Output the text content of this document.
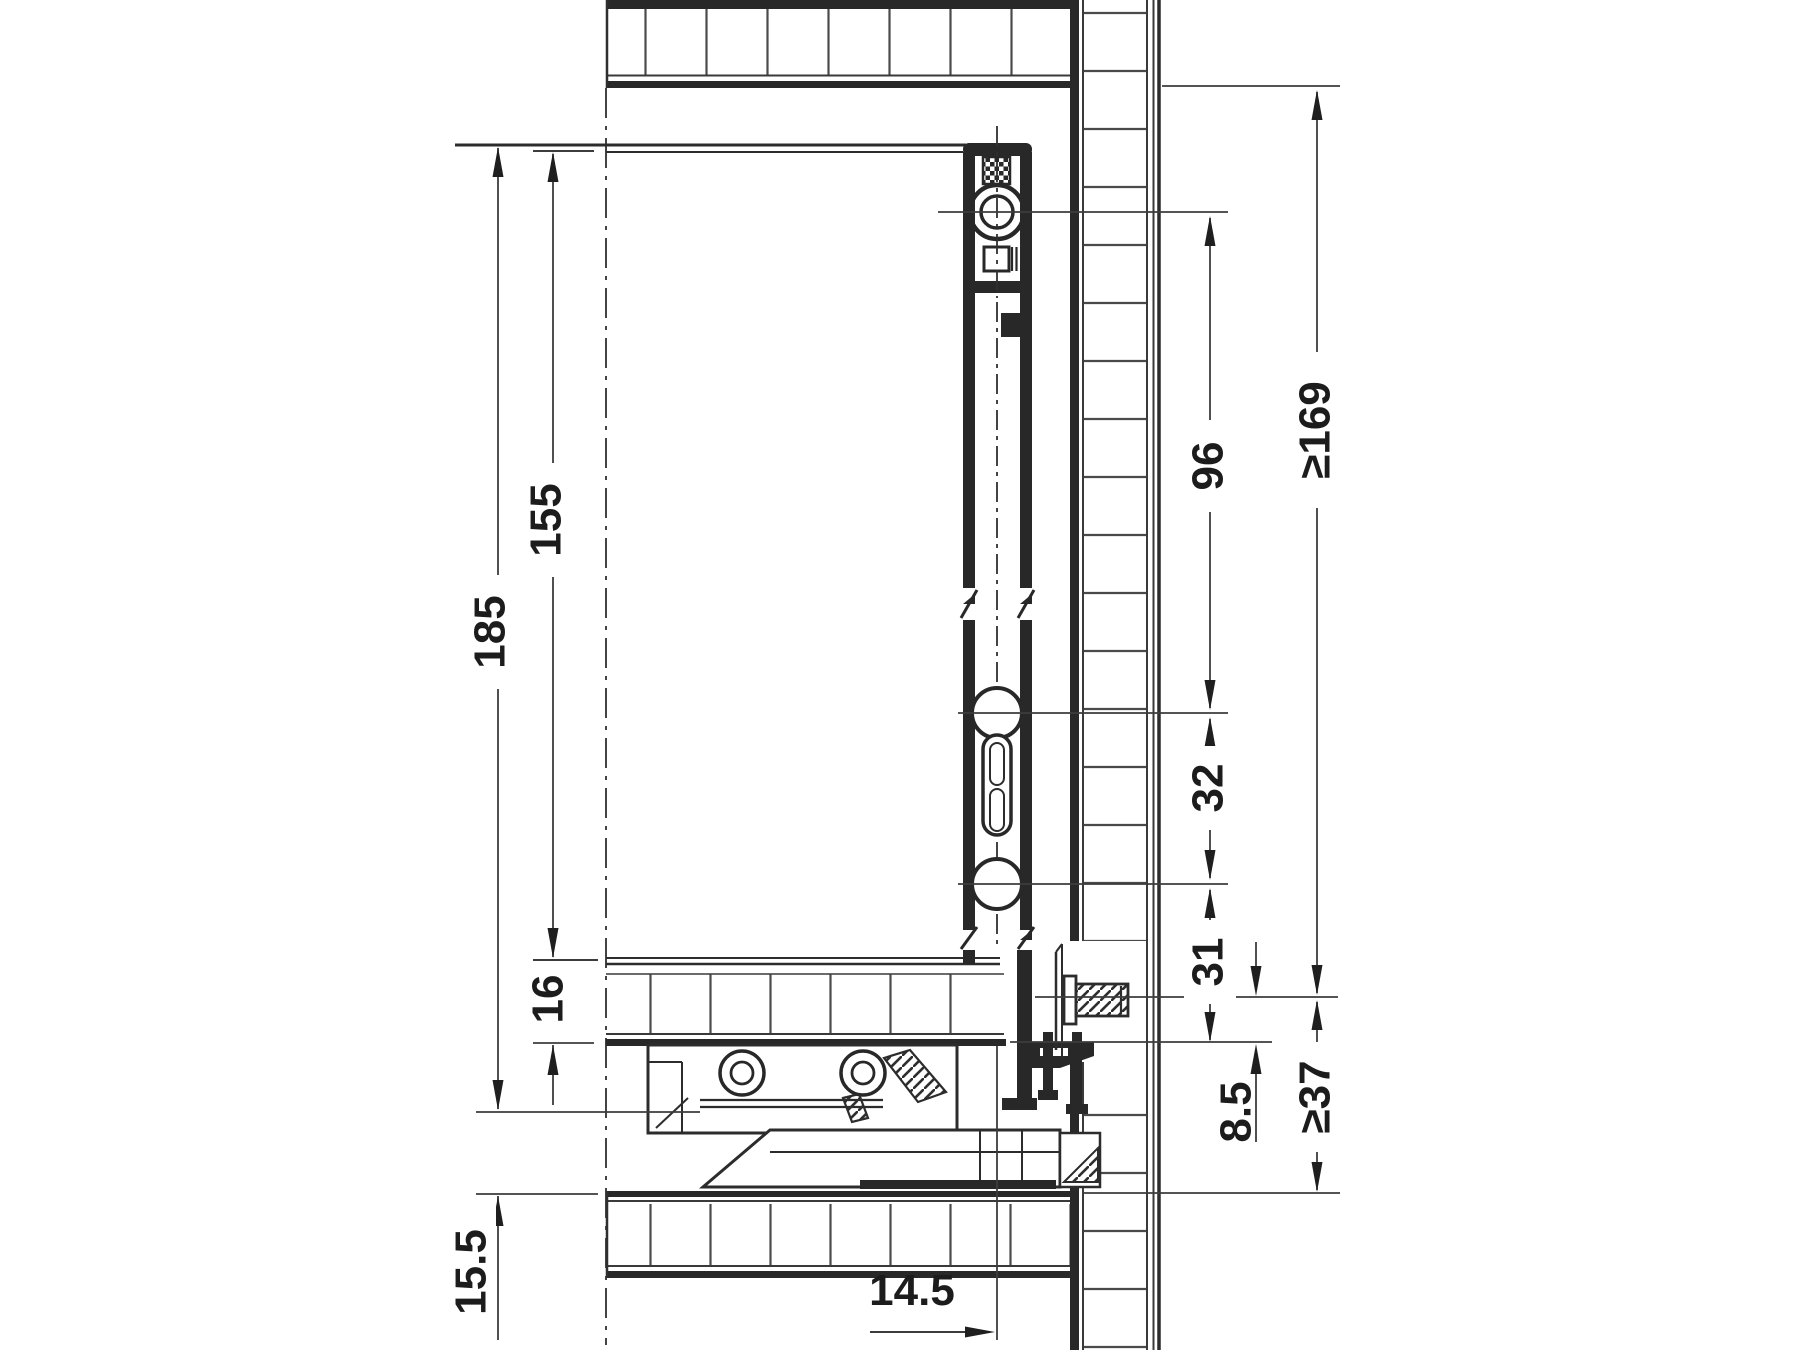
185
155
16
15.5
96
32
31
8.5
≥169
≥37
14.5
